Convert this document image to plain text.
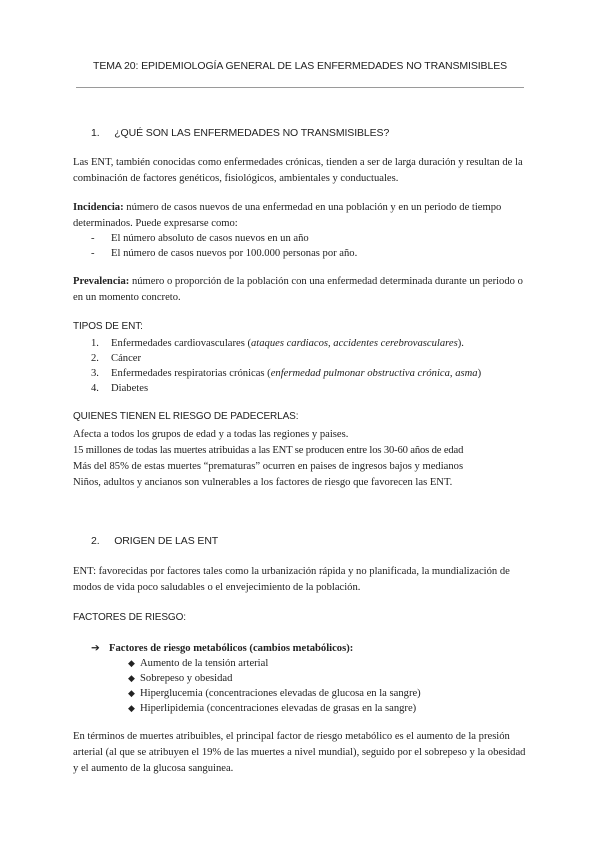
TEMA 20: EPIDEMIOLOGÍA GENERAL DE LAS ENFERMEDADES NO TRANSMISIBLES
1. ¿QUÉ SON LAS ENFERMEDADES NO TRANSMISIBLES?

Las ENT, también conocidas como enfermedades crónicas, tienden a ser de larga duración y resultan de la combinación de factores genéticos, fisiológicos, ambientales y conductuales.

Incidencia: número de casos nuevos de una enfermedad en una población y en un periodo de tiempo determinados. Puede expresarse como:

- El número absoluto de casos nuevos en un año
- El número de casos nuevos por 100.000 personas por año.

Prevalencia: número o proporción de la población con una enfermedad determinada durante un periodo o en un momento concreto.

TIPOS DE ENT:
1. Enfermedades cardiovasculares (ataques cardiacos, accidentes cerebrovasculares).
2. Cáncer
3. Enfermedades respiratorias crónicas (enfermedad pulmonar obstructiva crónica, asma)
4. Diabetes
QUIENES TIENEN EL RIESGO DE PADECERLAS:
Afecta a todos los grupos de edad y a todas las regiones y paises.
15 millones de todas las muertes atribuidas a las ENT se producen entre los 30-60 años de edad
Más del 85% de estas muertes “prematuras” ocurren en paises de ingresos bajos y medianos
Niños, adultos y ancianos son vulnerables a los factores de riesgo que favorecen las ENT.
2. ORIGEN DE LAS ENT

ENT: favorecidas por factores tales como la urbanización rápida y no planificada, la mundialización de modos de vida poco saludables o el envejecimiento de la población.

FACTORES DE RIESGO:
➔ Factores de riesgo metabólicos (cambios metabólicos):
◆ Aumento de la tensión arterial
◆ Sobrepeso y obesidad
◆ Hiperglucemia (concentraciones elevadas de glucosa en la sangre)
◆ Hiperlipidemia (concentraciones elevadas de grasas en la sangre)

En términos de muertes atribuibles, el principal factor de riesgo metabólico es el aumento de la presión arterial (al que se atribuyen el 19% de las muertes a nivel mundial), seguido por el sobrepeso y la obesidad y el aumento de la glucosa sanguinea.
